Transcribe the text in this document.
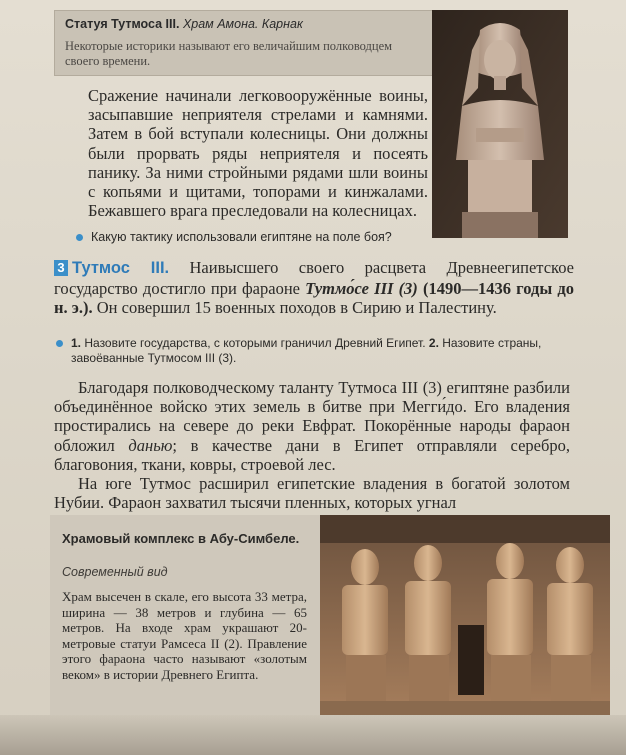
Статуя Тутмоса III. Храм Амона. Карнак
Некоторые историки называют его величайшим полководцем своего времени.
Сражение начинали легковооружённые воины, засыпавшие неприятеля стрелами и камнями. Затем в бой вступали колесницы. Они должны были прорвать ряды неприятеля и посеять панику. За ними стройными рядами шли воины с копьями и щитами, топорами и кинжалами. Бежавшего врага преследовали на колесницах.
Какую тактику использовали египтяне на поле боя?
3 Тутмос III. Наивысшего своего расцвета Древнеегипетское государство достигло при фараоне Тутмо́се III (3) (1490—1436 годы до н. э.). Он совершил 15 военных походов в Сирию и Палестину.
1. Назовите государства, с которыми граничил Древний Египет. 2. Назовите страны, завоёванные Тутмосом III (3).

Благодаря полководческому таланту Тутмоса III (3) египтяне разбили объединённое войско этих земель в битве при Мегги́до. Его владения простирались на севере до реки Евфрат. Покорённые народы фараон обложил данью; в качестве дани в Египет отправляли серебро, благовония, ткани, ковры, строевой лес.

На юге Тутмос расширил египетские владения в богатой золотом Нубии. Фараон захватил тысячи пленных, которых угнал

Храмовый комплекс в Абу-Симбеле.
Современный вид
Храм высечен в скале, его высота 33 метра, ширина — 38 метров и глубина — 65 метров. На входе храм украшают 20-метровые статуи Рамсеса II (2). Правление этого фараона часто называют «золотым веком» в истории Древнего Египта.
